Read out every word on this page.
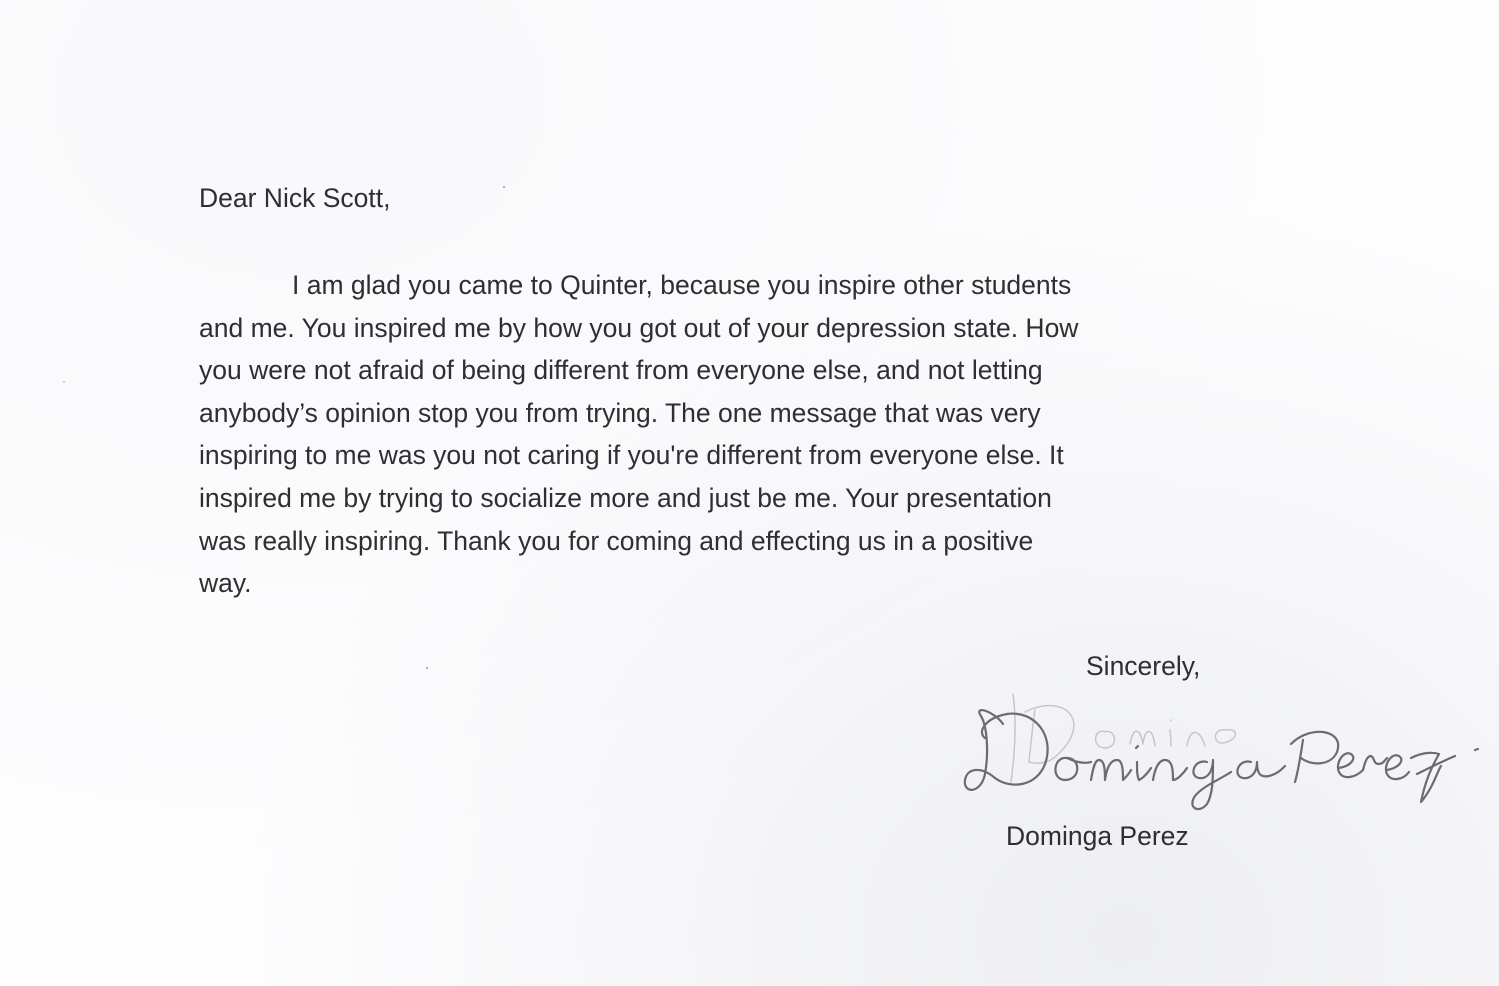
Dear Nick Scott,

I am glad you came to Quinter, because you inspire other students
and me. You inspired me by how you got out of your depression state. How
you were not afraid of being different from everyone else, and not letting
anybody’s opinion stop you from trying. The one message that was very
inspiring to me was you not caring if you're different from everyone else. It
inspired me by trying to socialize more and just be me. Your presentation
was really inspiring. Thank you for coming and effecting us in a positive
way.

Sincerely,

Dominga Perez
